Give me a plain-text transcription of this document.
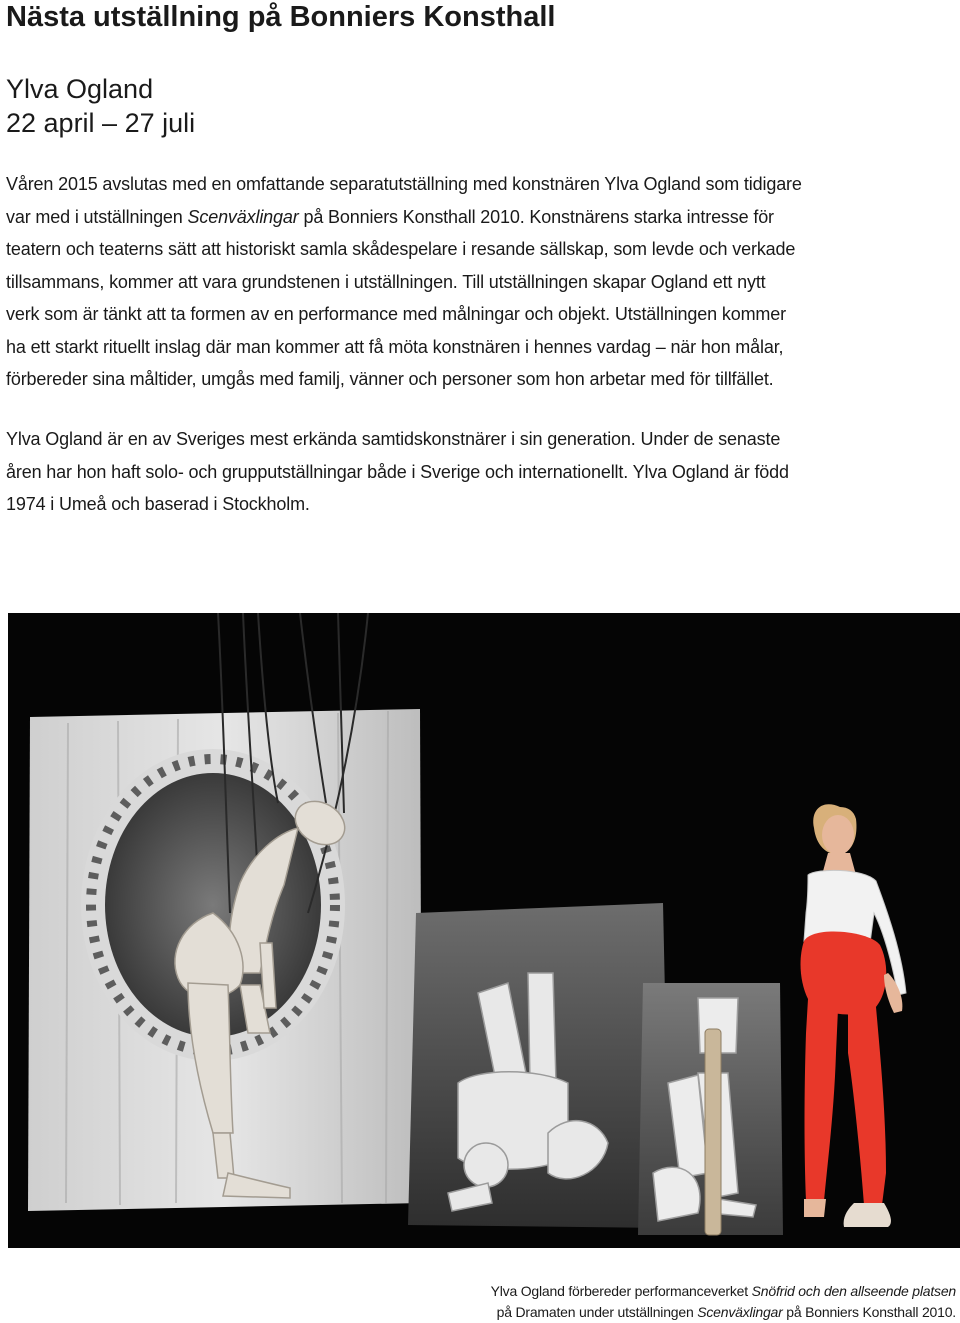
Nästa utställning på Bonniers Konsthall
Ylva Ogland
22 april – 27 juli
Våren 2015 avslutas med en omfattande separatutställning med konstnären Ylva Ogland som tidigare
var med i utställningen Scenväxlingar på Bonniers Konsthall 2010. Konstnärens starka intresse för
teatern och teaterns sätt att historiskt samla skådespelare i resande sällskap, som levde och verkade
tillsammans, kommer att vara grundstenen i utställningen. Till utställningen skapar Ogland ett nytt
verk som är tänkt att ta formen av en performance med målningar och objekt. Utställningen kommer
ha ett starkt rituellt inslag där man kommer att få möta konstnären i hennes vardag – när hon målar,
förbereder sina måltider, umgås med familj, vänner och personer som hon arbetar med för tillfället.
Ylva Ogland är en av Sveriges mest erkända samtidskonstnärer i sin generation. Under de senaste
åren har hon haft solo- och grupputställningar både i Sverige och internationellt. Ylva Ogland är född
1974 i Umeå och baserad i Stockholm.
Ylva Ogland förbereder performanceverket Snöfrid och den allseende platsen
på Dramaten under utställningen Scenväxlingar på Bonniers Konsthall 2010.
